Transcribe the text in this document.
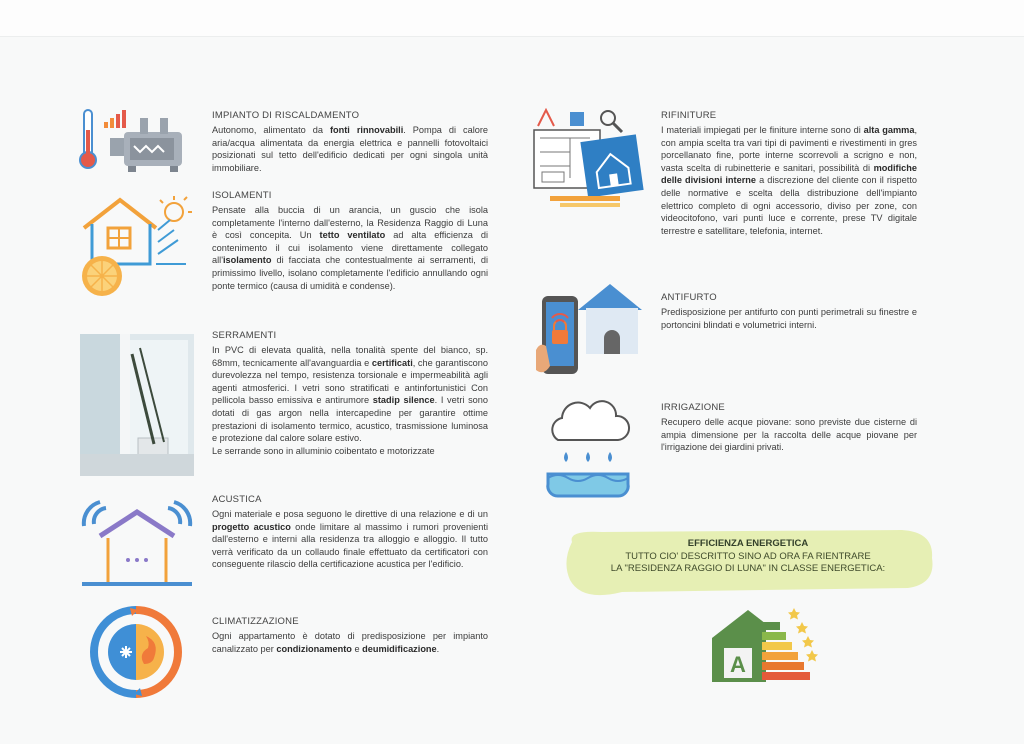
IMPIANTO DI RISCALDAMENTO

Autonomo, alimentato da fonti rinnovabili. Pompa di calore aria/acqua alimentata da energia elettrica e pannelli fotovoltaici posizionati sul tetto dell'edificio dedicati per ogni singola unità immobiliare.

ISOLAMENTI

Pensate alla buccia di un arancia, un guscio che isola completamente l'interno dall'esterno, la Residenza Raggio di Luna è così concepita. Un tetto ventilato ad alta efficienza di contenimento il cui isolamento viene direttamente collegato all'isolamento di facciata che contestualmente ai serramenti, di primissimo livello, isolano completamente l'edificio annullando ogni ponte termico (causa di umidità e condense).

SERRAMENTI

In PVC di elevata qualità, nella tonalità spente del bianco, sp. 68mm, tecnicamente all'avanguardia e certificati, che garantiscono durevolezza nel tempo, resistenza torsionale e impermeabilità agli agenti atmosferici. I vetri sono stratificati e antinfortunistici Con pellicola basso emissiva e antirumore stadip silence. I vetri sono dotati di gas argon nella intercapedine per garantire ottime prestazioni di isolamento termico, acustico, trasmissione luminosa e protezione dal calore solare estivo.

Le serrande sono in alluminio coibentato e motorizzate

ACUSTICA

Ogni materiale e posa seguono le direttive di una relazione e di un progetto acustico onde limitare al massimo i rumori provenienti dall'esterno e interni alla residenza tra alloggio e alloggio. Il tutto verrà verificato da un collaudo finale effettuato da certificatori con conseguente rilascio della certificazione acustica per l'edificio.

CLIMATIZZAZIONE

Ogni appartamento è dotato di predisposizione per impianto canalizzato per condizionamento e deumidificazione.

RIFINITURE

I materiali impiegati per le finiture interne sono di alta gamma, con ampia scelta tra vari tipi di pavimenti e rivestimenti in gres porcellanato fine, porte interne scorrevoli a scrigno e non, vasta scelta di rubinetterie e sanitari, possibilità di modifiche delle divisioni interne a discrezione del cliente con il rispetto delle normative e scelta della distribuzione dell'impianto elettrico completo di ogni accessorio, diviso per zone, con videocitofono, vari punti luce e corrente, prese TV digitale terrestre e satellitare, telefonia, internet.

ANTIFURTO

Predisposizione per antifurto con punti perimetrali su finestre e portoncini blindati e volumetrici interni.

IRRIGAZIONE

Recupero delle acque piovane: sono previste due cisterne di ampia dimensione per la raccolta delle acque piovane per l'irrigazione dei giardini privati.

EFFICIENZA ENERGETICA
TUTTO CIO' DESCRITTO SINO AD ORA FA RIENTRARE
LA "RESIDENZA RAGGIO DI LUNA" IN CLASSE ENERGETICA:
A
